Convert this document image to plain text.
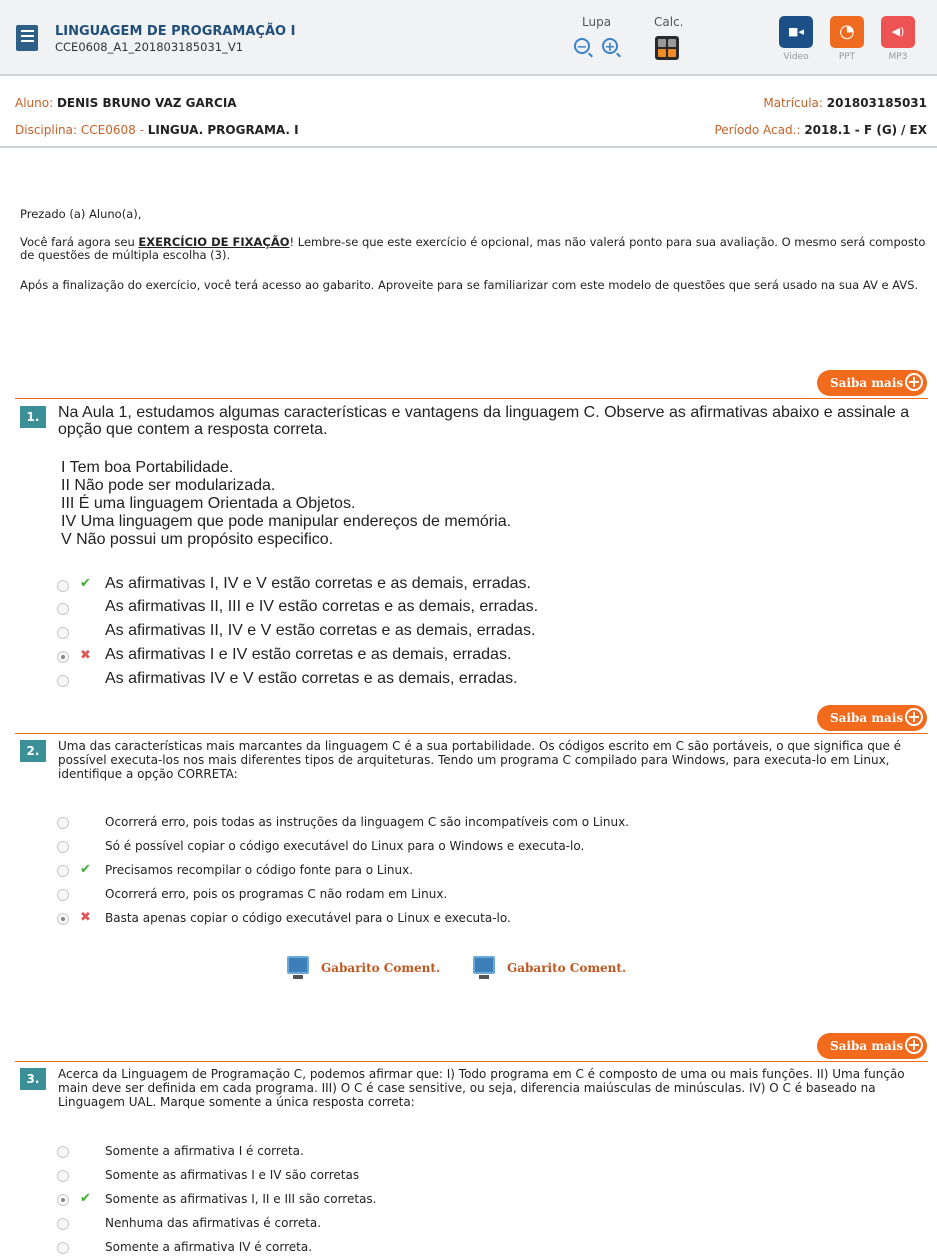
LINGUAGEM DE PROGRAMAÇÃO I
CCE0608_A1_201803185031_V1
Lupa
− +
Calc.
■◂
Video
◔
PPT
◀)
MP3
Aluno: DENIS BRUNO VAZ GARCIA	Matrícula: 201803185031
Disciplina: CCE0608 - LINGUA. PROGRAMA. I	Período Acad.: 2018.1 - F (G) / EX
Prezado (a) Aluno(a),
Você fará agora seu EXERCÍCIO DE FIXAÇÃO! Lembre-se que este exercício é opcional, mas não valerá ponto para sua avaliação. O mesmo será composto de questões de múltipla escolha (3).
Após a finalização do exercício, você terá acesso ao gabarito. Aproveite para se familiarizar com este modelo de questões que será usado na sua AV e AVS.
Saiba mais +
1.	Na Aula 1, estudamos algumas características e vantagens da linguagem C. Observe as afirmativas abaixo e assinale a opção que contem a resposta correta.
I Tem boa Portabilidade.
II Não pode ser modularizada.
III É uma linguagem Orientada a Objetos.
IV Uma linguagem que pode manipular endereços de memória.
V Não possui um propósito especifico.
✔ As afirmativas I, IV e V estão corretas e as demais, erradas.
As afirmativas II, III e IV estão corretas e as demais, erradas.
As afirmativas II, IV e V estão corretas e as demais, erradas.
✖ As afirmativas I e IV estão corretas e as demais, erradas.
As afirmativas IV e V estão corretas e as demais, erradas.
Saiba mais +
2.	Uma das características mais marcantes da linguagem C é a sua portabilidade. Os códigos escrito em C são portáveis, o que significa que é possível executa-los nos mais diferentes tipos de arquiteturas. Tendo um programa C compilado para Windows, para executa-lo em Linux, identifique a opção CORRETA:
Ocorrerá erro, pois todas as instruções da linguagem C são incompatíveis com o Linux.
Só é possível copiar o código executável do Linux para o Windows e executa-lo.
✔ Precisamos recompilar o código fonte para o Linux.
Ocorrerá erro, pois os programas C não rodam em Linux.
✖ Basta apenas copiar o código executável para o Linux e executa-lo.
Gabarito Coment.	Gabarito Coment.
Saiba mais +
3.	Acerca da Linguagem de Programação C, podemos afirmar que: I) Todo programa em C é composto de uma ou mais funções. II) Uma função main deve ser definida em cada programa. III) O C é case sensitive, ou seja, diferencia maiúsculas de minúsculas. IV) O C é baseado na Linguagem UAL. Marque somente a única resposta correta:
Somente a afirmativa I é correta.
Somente as afirmativas I e IV são corretas
✔ Somente as afirmativas I, II e III são corretas.
Nenhuma das afirmativas é correta.
Somente a afirmativa IV é correta.
